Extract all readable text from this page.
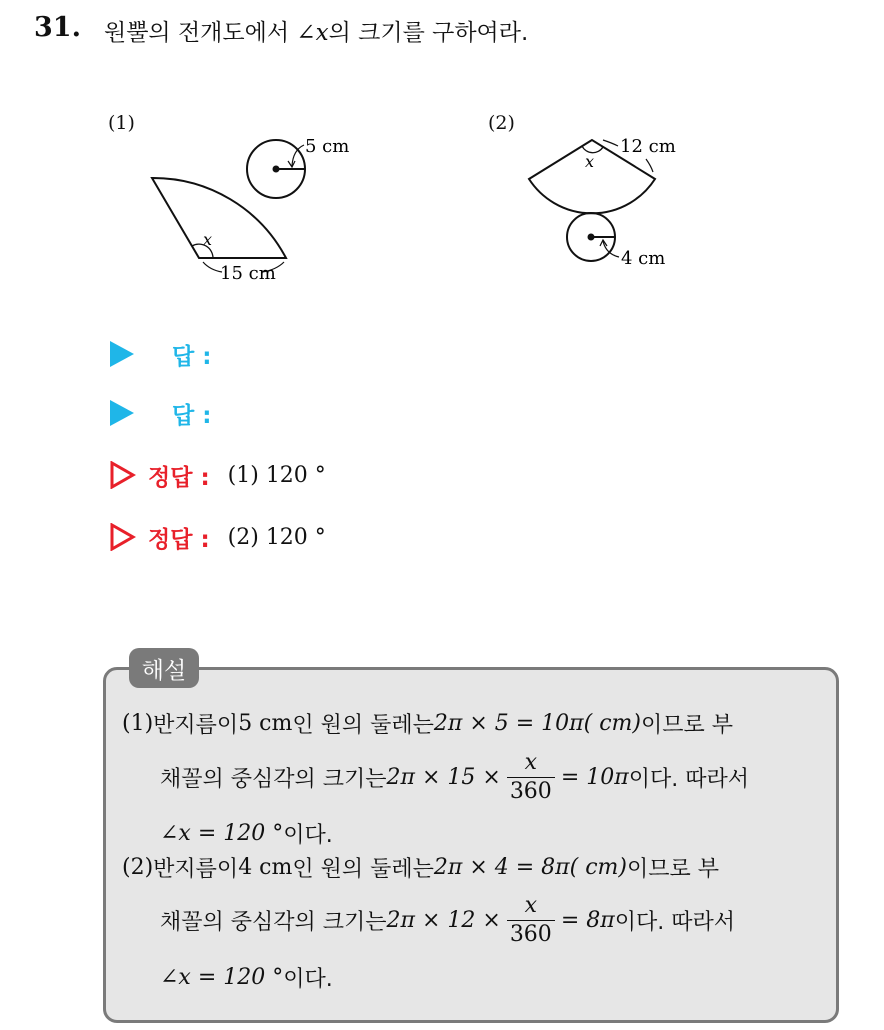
31. 원뿔의 전개도에서 ∠x의 크기를 구하여라.
(1)
x
15 cm
5 cm
(2)
x
12 cm
4 cm
답 :
답 :
정답 : (1) 120 °
정답 : (2) 120 °
해설
(1) 반지름이 5 cm 인 원의 둘레는 2π × 5 = 10π( cm) 이므로 부
채꼴의 중심각의 크기는 $2\pi \times 15 \times \frac{x}{360} = 10\pi$ 이다. 따라서
∠x = 120 ° 이다.
(2) 반지름이 4 cm 인 원의 둘레는 2π × 4 = 8π( cm) 이므로 부
채꼴의 중심각의 크기는 $2\pi \times 12 \times \frac{x}{360} = 8\pi$ 이다. 따라서
∠x = 120 ° 이다.
